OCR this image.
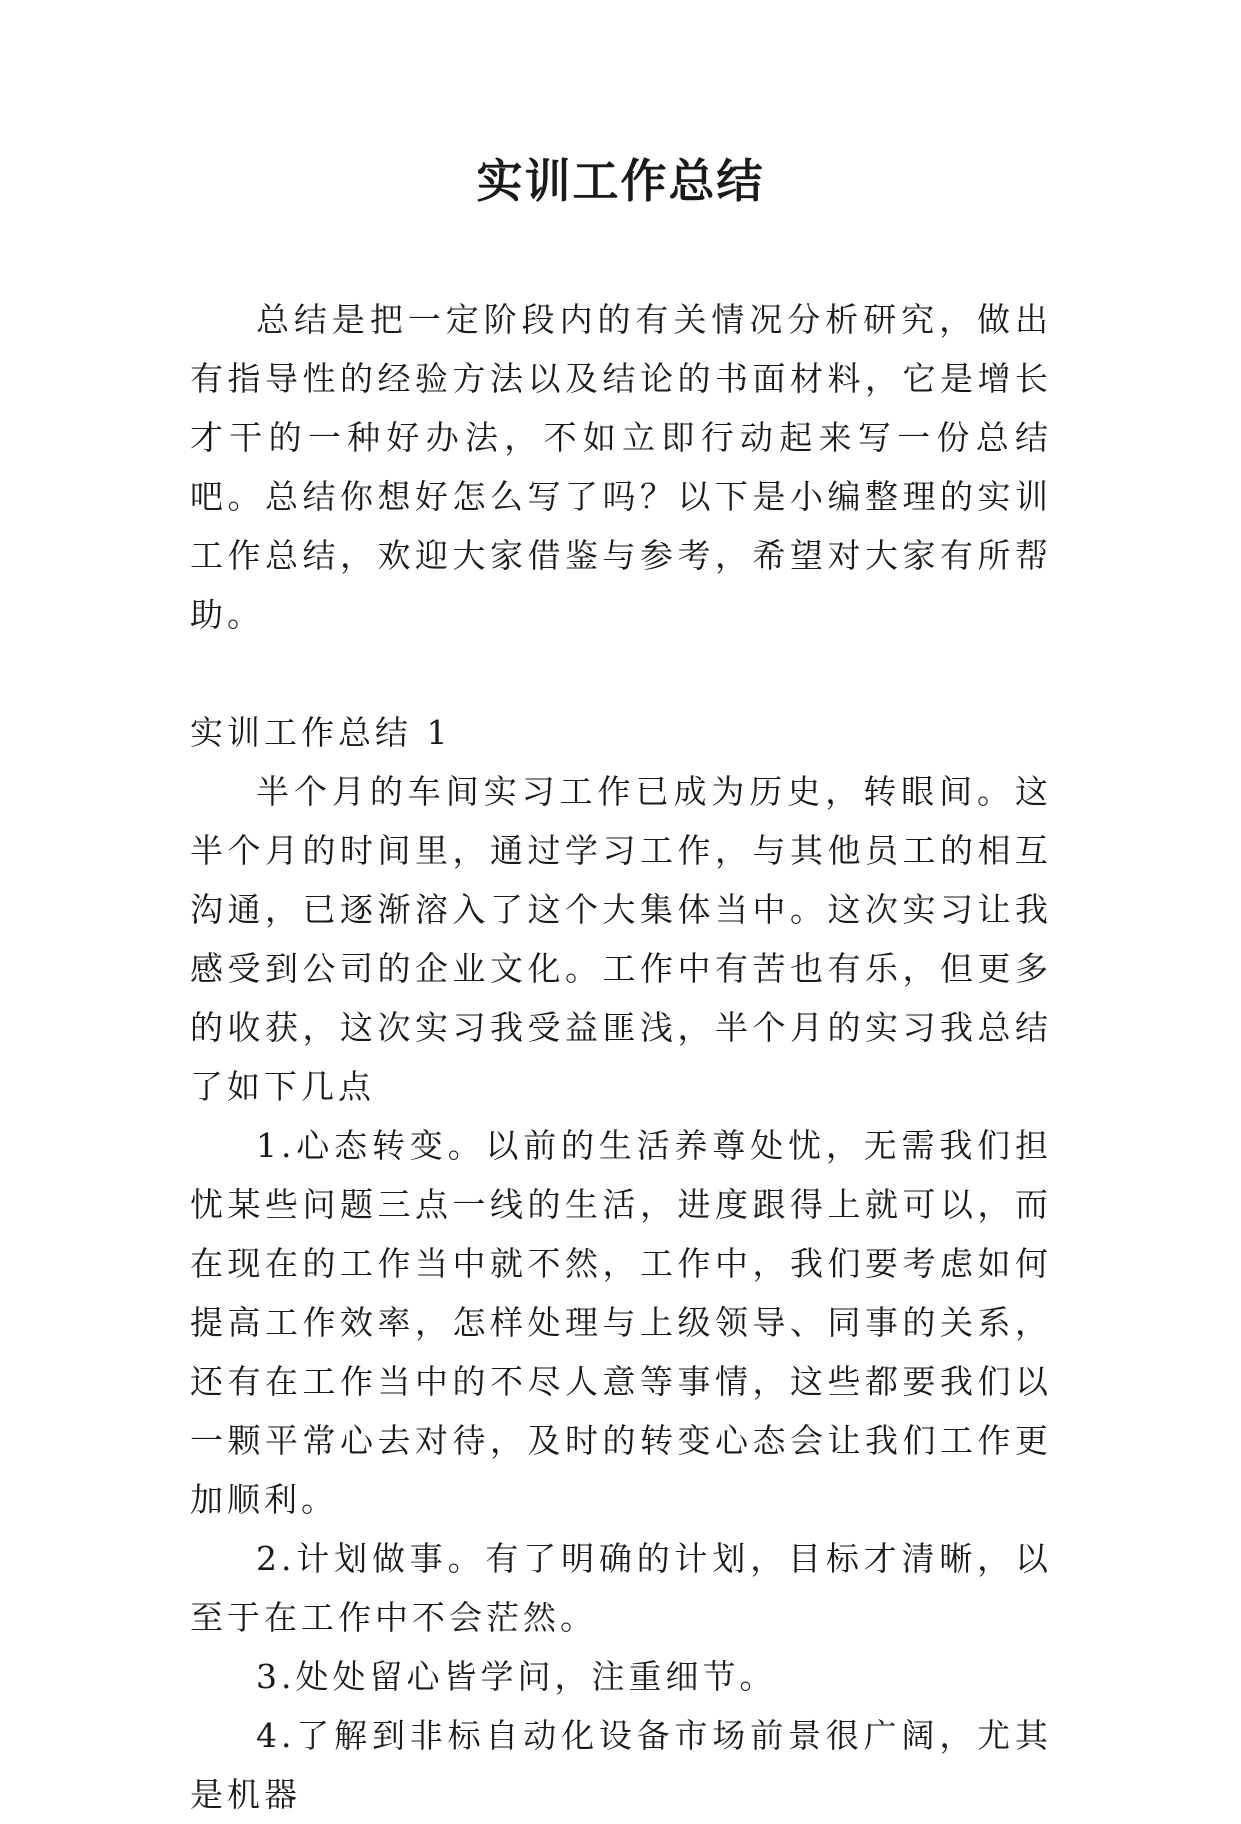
实训工作总结

总结是把一定阶段内的有关情况分析研究，做出有指导性的经验方法以及结论的书面材料，它是增长才干的一种好办法，不如立即行动起来写一份总结吧。总结你想好怎么写了吗？以下是小编整理的实训工作总结，欢迎大家借鉴与参考，希望对大家有所帮助。

实训工作总结 1

半个月的车间实习工作已成为历史，转眼间。这半个月的时间里，通过学习工作，与其他员工的相互沟通，已逐渐溶入了这个大集体当中。这次实习让我感受到公司的企业文化。工作中有苦也有乐，但更多的收获，这次实习我受益匪浅，半个月的实习我总结了如下几点

1.心态转变。以前的生活养尊处忧，无需我们担忧某些问题三点一线的生活，进度跟得上就可以，而在现在的工作当中就不然，工作中，我们要考虑如何提高工作效率，怎样处理与上级领导、同事的关系，还有在工作当中的不尽人意等事情，这些都要我们以一颗平常心去对待，及时的转变心态会让我们工作更加顺利。

2.计划做事。有了明确的计划，目标才清晰，以至于在工作中不会茫然。

3.处处留心皆学问，注重细节。

4.了解到非标自动化设备市场前景很广阔，尤其是机器
